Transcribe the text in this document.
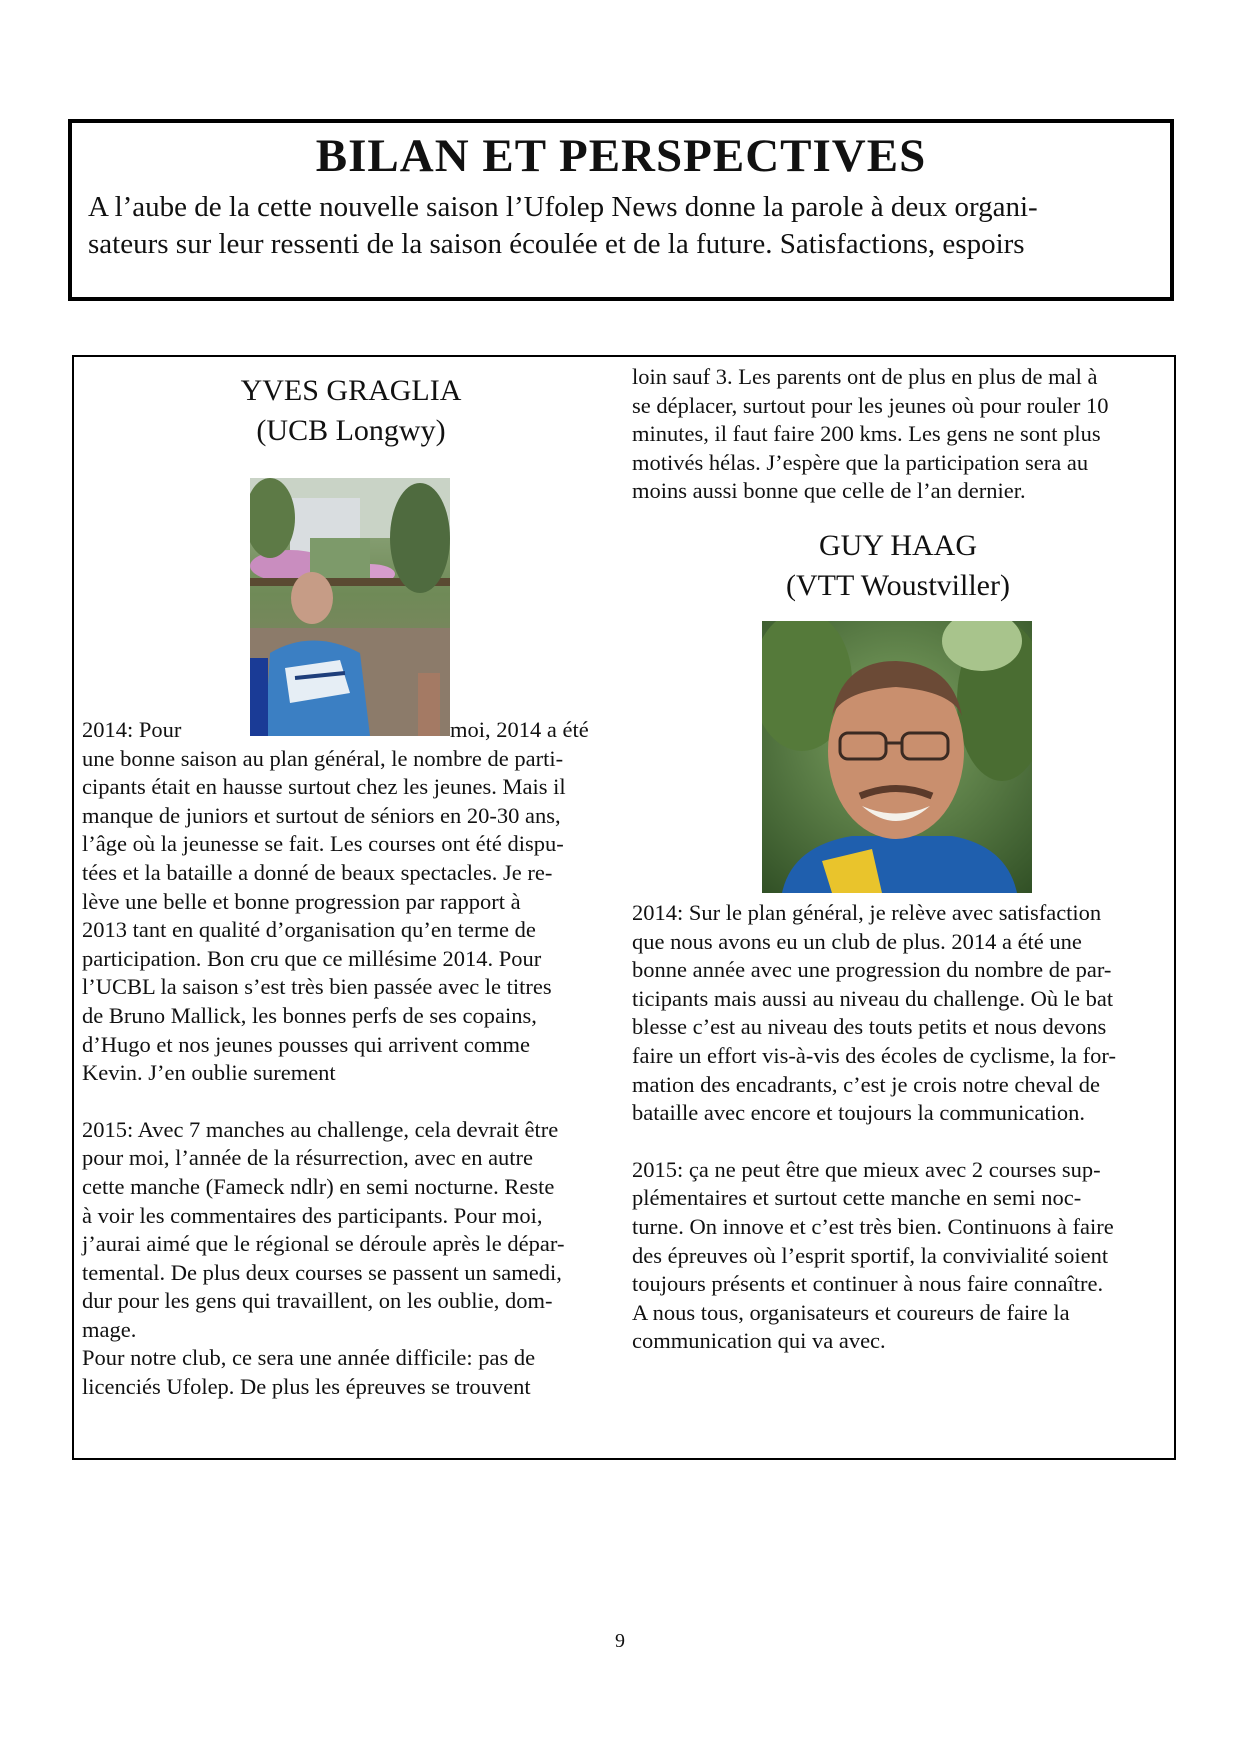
BILAN ET PERSPECTIVES

A l’aube de la cette nouvelle saison l’Ufolep News donne la parole à deux organi-
sateurs sur leur ressenti de la saison écoulée et de la future. Satisfactions, espoirs

YVES GRAGLIA

(UCB Longwy)

2014: Pour	moi, 2014 a été
une bonne saison au plan général, le nombre de parti-
cipants était en hausse surtout chez les jeunes. Mais il
manque de juniors et surtout de séniors en 20-30 ans,
l’âge où la jeunesse se fait. Les courses ont été dispu-
tées et la bataille a donné de beaux spectacles. Je re-
lève une belle et bonne progression par rapport à
2013 tant en qualité d’organisation qu’en terme de
participation. Bon cru que ce millésime 2014. Pour
l’UCBL la saison s’est très bien passée avec le titres
de Bruno Mallick, les bonnes perfs de ses copains,
d’Hugo et nos jeunes pousses qui arrivent comme
Kevin. J’en oublie surement

2015: Avec 7 manches au challenge, cela devrait être
pour moi, l’année de la résurrection, avec en autre
cette manche (Fameck ndlr) en semi nocturne. Reste
à voir les commentaires des participants. Pour moi,
j’aurai aimé que le régional se déroule après le dépar-
temental. De plus deux courses se passent un samedi,
dur pour les gens qui travaillent, on les oublie, dom-
mage.
Pour notre club, ce sera une année difficile: pas de
licenciés Ufolep. De plus les épreuves se trouvent

loin sauf 3. Les parents ont de plus en plus de mal à
se déplacer, surtout pour les jeunes où pour rouler 10
minutes, il faut faire 200 kms. Les gens ne sont plus
motivés hélas. J’espère que la participation sera au
moins aussi bonne que celle de l’an dernier.

GUY HAAG

(VTT Woustviller)

2014: Sur le plan général, je relève avec satisfaction
que nous avons eu un club de plus. 2014 a été une
bonne année avec une progression du nombre de par-
ticipants mais aussi au niveau du challenge. Où le bat
blesse c’est au niveau des touts petits et nous devons
faire un effort vis-à-vis des écoles de cyclisme, la for-
mation des encadrants, c’est je crois notre cheval de
bataille avec encore et toujours la communication.

2015: ça ne peut être que mieux avec 2 courses sup-
plémentaires et surtout cette manche en semi noc-
turne. On innove et c’est très bien. Continuons à faire
des épreuves où l’esprit sportif, la convivialité soient
toujours présents et continuer à nous faire connaître.
A nous tous, organisateurs et coureurs de faire la
communication qui va avec.

9
